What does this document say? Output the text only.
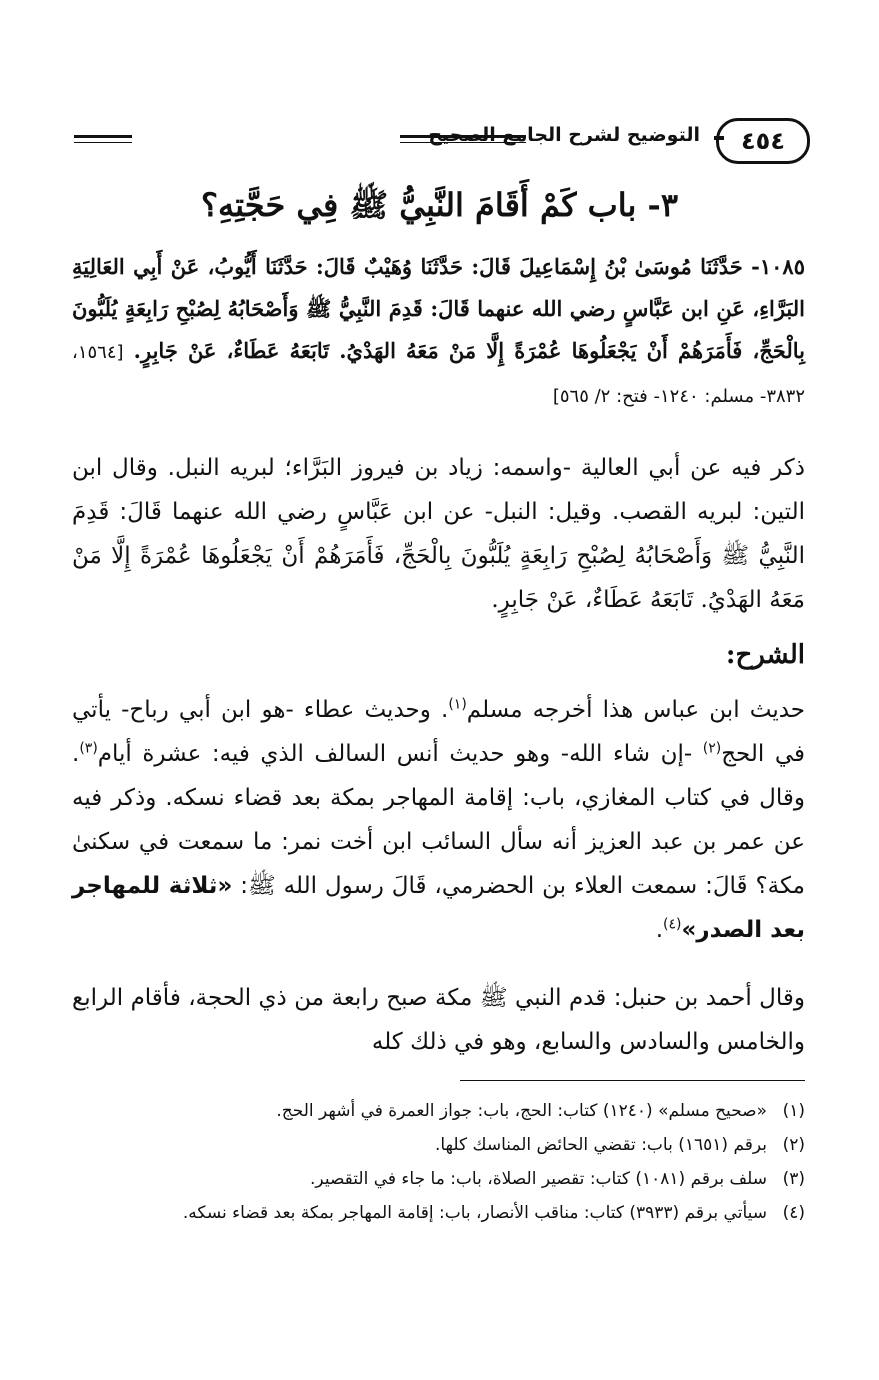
التوضيح لشرح الجامع الصحيح	٤٥٤
٣- باب كَمْ أَقَامَ النَّبِيُّ ﷺ فِي حَجَّتِهِ؟
١٠٨٥- حَدَّثَنَا مُوسَىٰ بْنُ إِسْمَاعِيلَ قَالَ: حَدَّثَنَا وُهَيْبٌ قَالَ: حَدَّثَنَا أَيُّوبُ، عَنْ أَبِي العَالِيَةِ البَرَّاءِ، عَنِ ابن عَبَّاسٍ رضي الله عنهما قَالَ: قَدِمَ النَّبِيُّ ﷺ وَأَصْحَابُهُ لِصُبْحِ رَابِعَةٍ يُلَبُّونَ بِالْحَجِّ، فَأَمَرَهُمْ أَنْ يَجْعَلُوهَا عُمْرَةً إِلَّا مَنْ مَعَهُ الهَدْيُ. تَابَعَهُ عَطَاءٌ، عَنْ جَابِرٍ. [١٥٦٤، ٣٨٣٢- مسلم: ١٢٤٠- فتح: ٢/ ٥٦٥]
ذكر فيه عن أبي العالية -واسمه: زياد بن فيروز البَرَّاء؛ لبريه النبل. وقال ابن التين: لبريه القصب. وقيل: النبل- عن ابن عَبَّاسٍ رضي الله عنهما قَالَ: قَدِمَ النَّبِيُّ ﷺ وَأَصْحَابُهُ لِصُبْحِ رَابِعَةٍ يُلَبُّونَ بِالْحَجِّ، فَأَمَرَهُمْ أَنْ يَجْعَلُوهَا عُمْرَةً إِلَّا مَنْ مَعَهُ الهَدْيُ. تَابَعَهُ عَطَاءٌ، عَنْ جَابِرٍ.
الشرح:
حديث ابن عباس هذا أخرجه مسلم$^{(١)}$. وحديث عطاء -هو ابن أبي رباح- يأتي في الحج$^{(٢)}$ -إن شاء الله- وهو حديث أنس السالف الذي فيه: عشرة أيام$^{(٣)}$. وقال في كتاب المغازي، باب: إقامة المهاجر بمكة بعد قضاء نسكه. وذكر فيه عن عمر بن عبد العزيز أنه سأل السائب ابن أخت نمر: ما سمعت في سكنىٰ مكة؟ قَالَ: سمعت العلاء بن الحضرمي، قَالَ رسول الله ﷺ: «ثلاثة للمهاجر بعد الصدر»$^{(٤)}$.
وقال أحمد بن حنبل: قدم النبي ﷺ مكة صبح رابعة من ذي الحجة، فأقام الرابع والخامس والسادس والسابع، وهو في ذلك كله
(١)
«صحيح مسلم» (١٢٤٠) كتاب: الحج، باب: جواز العمرة في أشهر الحج.
(٢)
برقم (١٦٥١) باب: تقضي الحائض المناسك كلها.
(٣)
سلف برقم (١٠٨١) كتاب: تقصير الصلاة، باب: ما جاء في التقصير.
(٤)
سيأتي برقم (٣٩٣٣) كتاب: مناقب الأنصار، باب: إقامة المهاجر بمكة بعد قضاء نسكه.
